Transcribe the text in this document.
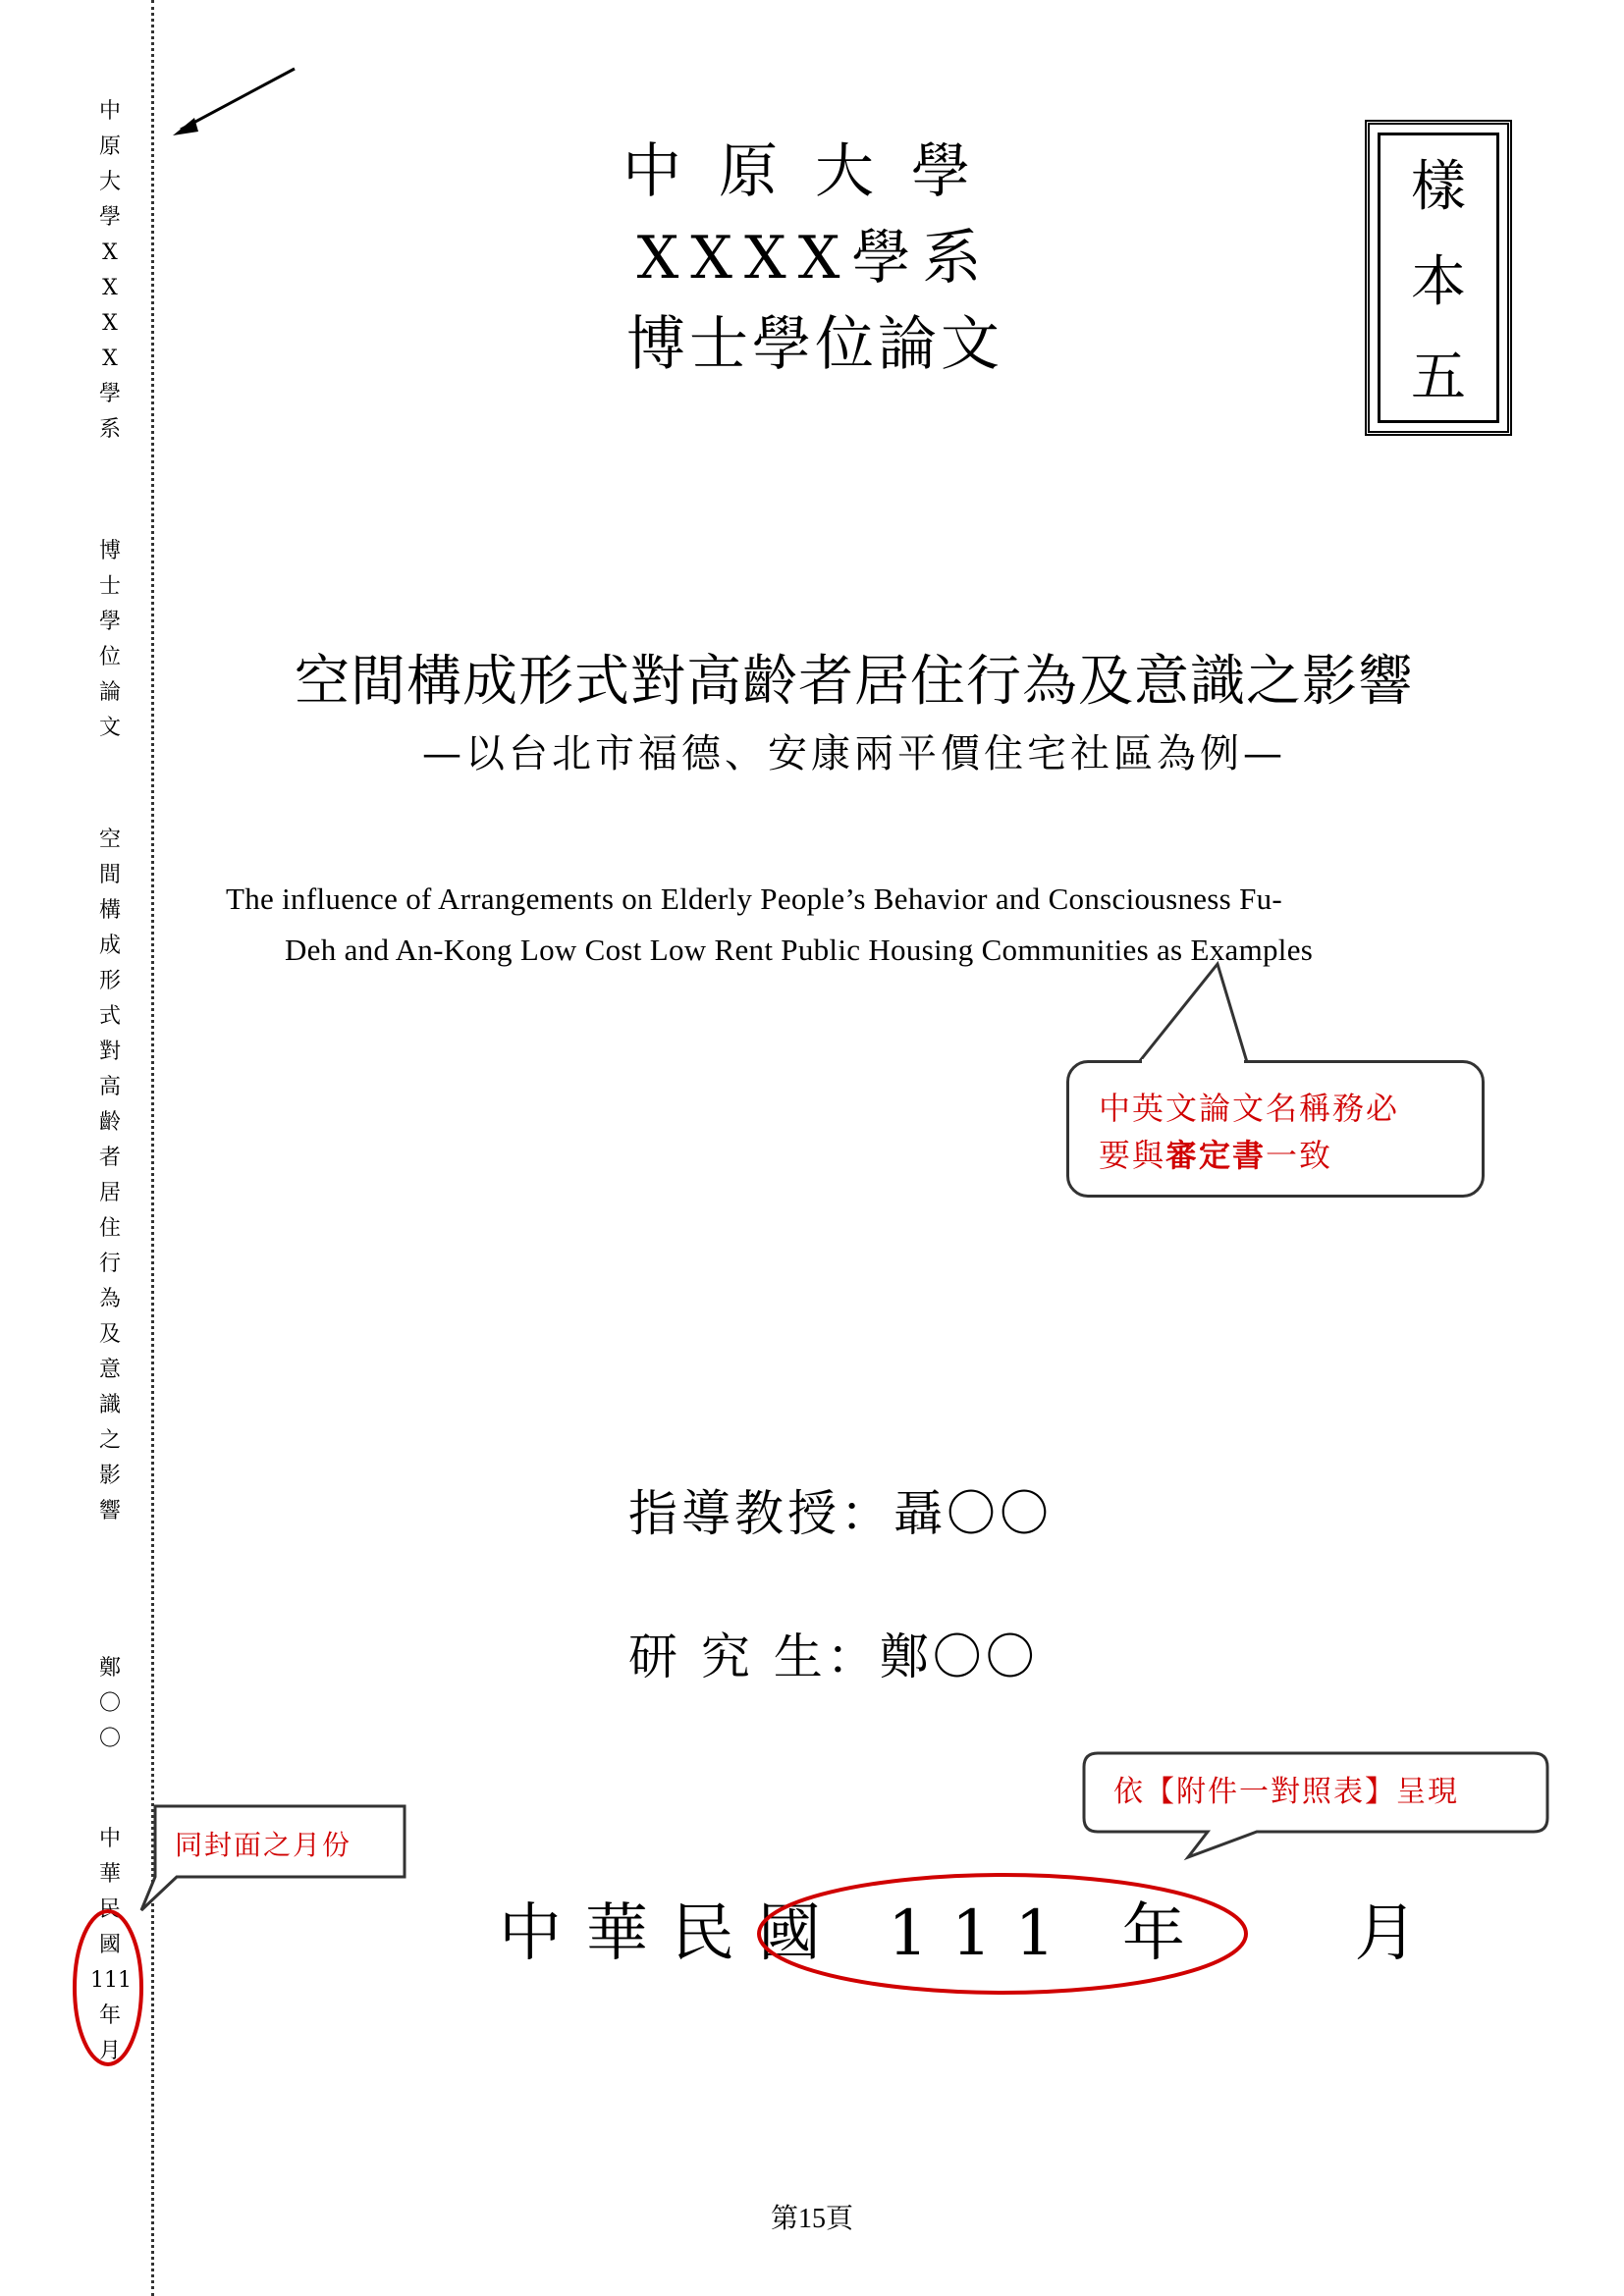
中
原
大
學
X
X
X
X
學
系
博
士
學
位
論
文
空
間
構
成
形
式
對
高
齡
者
居
住
行
為
及
意
識
之
影
響
鄭
〇
〇
中
華
民
國
111
年
月
中原大學
XXXX學系
博士學位論文
樣
本
五
空間構成形式對高齡者居住行為及意識之影響
—以台北市福德、安康兩平價住宅社區為例—
The influence of Arrangements on Elderly People’s Behavior and Consciousness Fu-
Deh and An-Kong Low Cost Low Rent Public Housing Communities as Examples
中英文論文名稱務必
要與審定書一致
指導教授：聶〇〇
研 究 生：鄭〇〇
依【附件一對照表】呈現
同封面之月份
中華民國 111 年 月
第15頁
